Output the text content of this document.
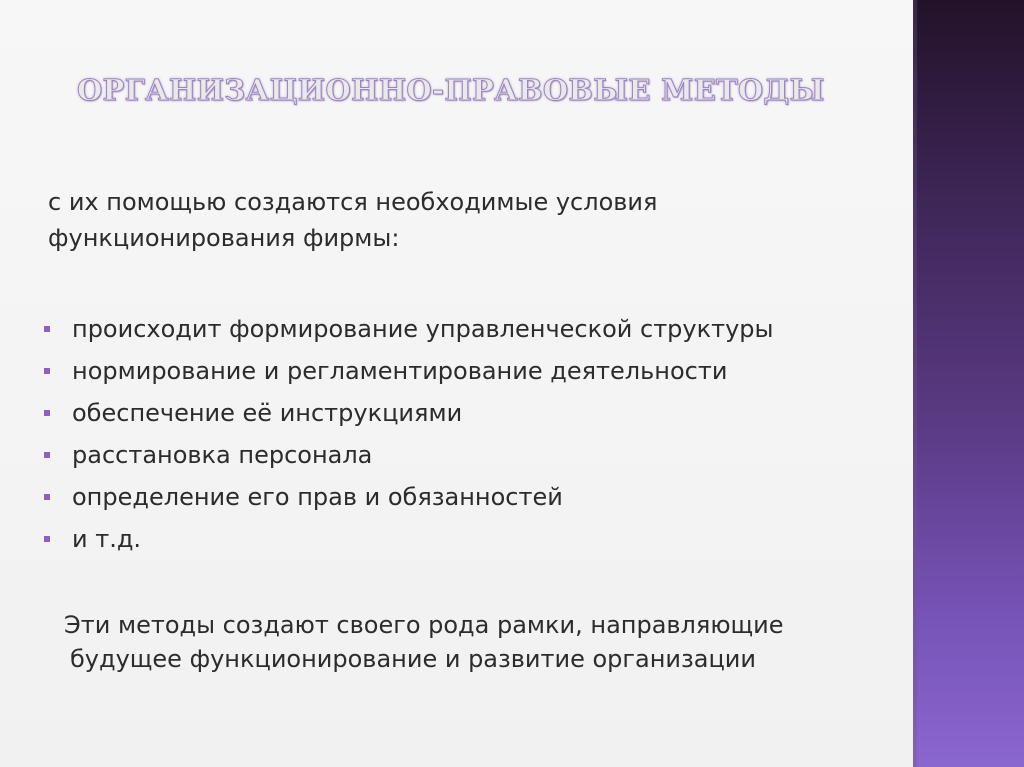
ОРГАНИЗАЦИОННО-ПРАВОВЫЕ МЕТОДЫ

с их помощью создаются необходимые условия
функционирования фирмы:

происходит формирование управленческой структуры
нормирование и регламентирование деятельности
обеспечение её инструкциями
расстановка персонала
определение его прав и обязанностей
и т.д.

Эти методы создают своего рода рамки, направляющие
будущее функционирование и развитие организации
